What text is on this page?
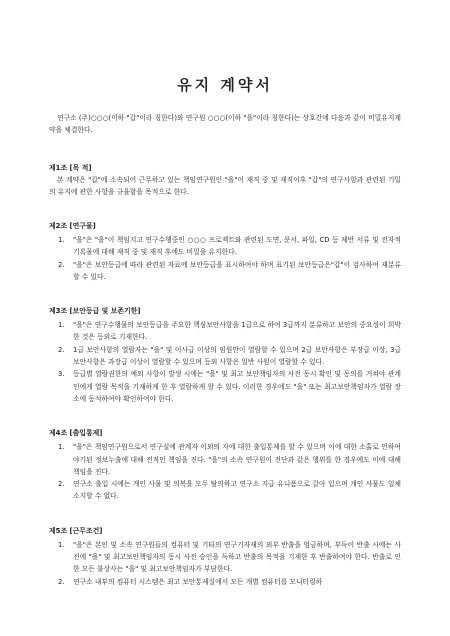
유지 계약서
연구소 (주)○○○(이하 "갑"이라 칭한다)와 연구원 ○○○(이하 "을"이라 칭한다)는 상호간에 다음과 같이 비밀유지계약을 체결한다.
제1조 [목 적]
본 계약은 "갑"에 소속되어 근무하고 있는 책임연구원인 "을"이 재직 중 및 재직이후 "갑"의 연구사항과 관련된 기밀의 유지에 관한 사항을 규율함을 목적으로 한다.
제2조 [연구물]
1.	"을"은 "을"이 책임지고 연구수행중인 ○○○ 프로젝트와 관련된 도면, 문서, 파일, CD 등 제반 서류 및 전자적 기록물에 대해 재직 중 및 재직 후에도 비밀을 유지한다.
2.	"을"은 보안등급에 따라 관련된 자료에 보안등급을 표시하여야 하며 표기된 보안등급은"갑"이 검사하여 재분류할 수 있다.
제3조 [보안등급 및 보존기한]
1.	"을"은 연구수행물의 보안등급을 주요한 핵심보안사항을 1급으로 하여 3급까지 분류하고 보안의 중요성이 희박한 것은 등외로 기재한다.
2.	1급 보안사항의 열람자는 "을" 및 이사급 이상의 임원만이 열람할 수 있으며 2급 보안사항은 부장급 이상, 3급 보안사항은 과장급 이상이 열람할 수 있으며 등외 사항은 일반 사원이 열람할 수 있다.
3.	등급별 열람권한의 예외 사항이 발생 시에는 "을" 및 최고 보안책임자의 사전 동시 확인 및 동의를 거쳐야 관계인에게 열람 목적을 기재하게 한 후 열람하게 할 수 있다. 이러한 경우에도 "을" 또는 최고보안책임자가 열람 장소에 동석하여야 확인하여야 한다.
제4조 [출입통제]
1.	"을"은 책임연구원으로서 연구실에 관계자 이외의 자에 대한 출입통제를 할 수 있으며 이에 대한 소홀로 인하여 야기된 정보누출에 대해 전적인 책임을 진다. "을"의 소속 연구원이 전단과 같은 행위를 한 경우에도 이에 대해 책임을 진다.
2.	연구소 출입 시에는 개인 사물 및 의복을 모두 탈의하고 연구소 지급 유니폼으로 갈아 입으며 개인 사물도 일체 소지할 수 없다.
제5조 [근무조건]
1.	"을"은 본인 및 소속 연구원들의 컴퓨터 및 기타의 연구기자재의 외부 반출을 엄금하며, 부득이 반출 시에는 사전에 "을" 및 최고보안책임자의 동시 사전 승인을 득하고 반출의 목적을 기재한 후 반출하여야 한다. 반출로 인한 모든 불상사는 "을" 및 최고보안책임자가 부담한다.
2.	연구소 내부의 컴퓨터 시스템은 최고 보안통제실에서 모든 개별 컴퓨터를 모니터링하
